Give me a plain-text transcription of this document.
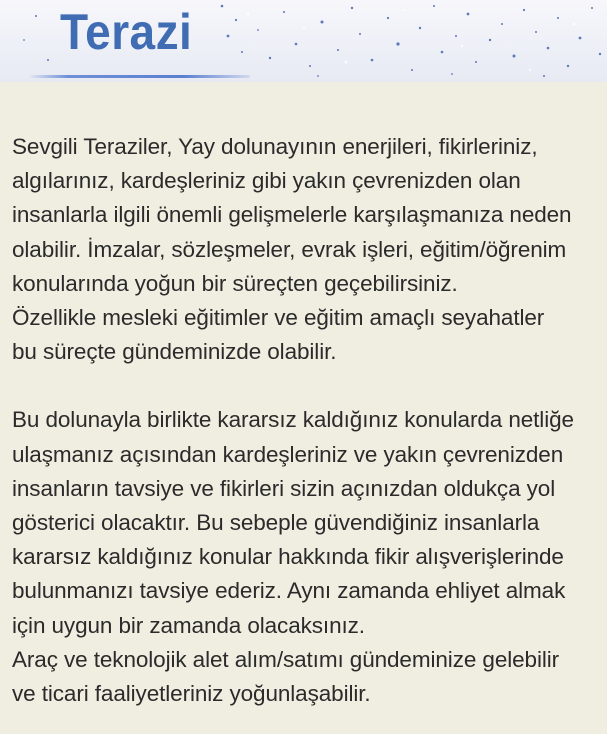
Terazi

Sevgili Teraziler, Yay dolunayının enerjileri, fikirleriniz,
algılarınız, kardeşleriniz gibi yakın çevrenizden olan
insanlarla ilgili önemli gelişmelerle karşılaşmanıza neden
olabilir. İmzalar, sözleşmeler, evrak işleri, eğitim/öğrenim
konularında yoğun bir süreçten geçebilirsiniz.
Özellikle mesleki eğitimler ve eğitim amaçlı seyahatler
bu süreçte gündeminizde olabilir.

Bu dolunayla birlikte kararsız kaldığınız konularda netliğe
ulaşmanız açısından kardeşleriniz ve yakın çevrenizden
insanların tavsiye ve fikirleri sizin açınızdan oldukça yol
gösterici olacaktır. Bu sebeple güvendiğiniz insanlarla
kararsız kaldığınız konular hakkında fikir alışverişlerinde
bulunmanızı tavsiye ederiz. Aynı zamanda ehliyet almak
için uygun bir zamanda olacaksınız.
Araç ve teknolojik alet alım/satımı gündeminize gelebilir
ve ticari faaliyetleriniz yoğunlaşabilir.
